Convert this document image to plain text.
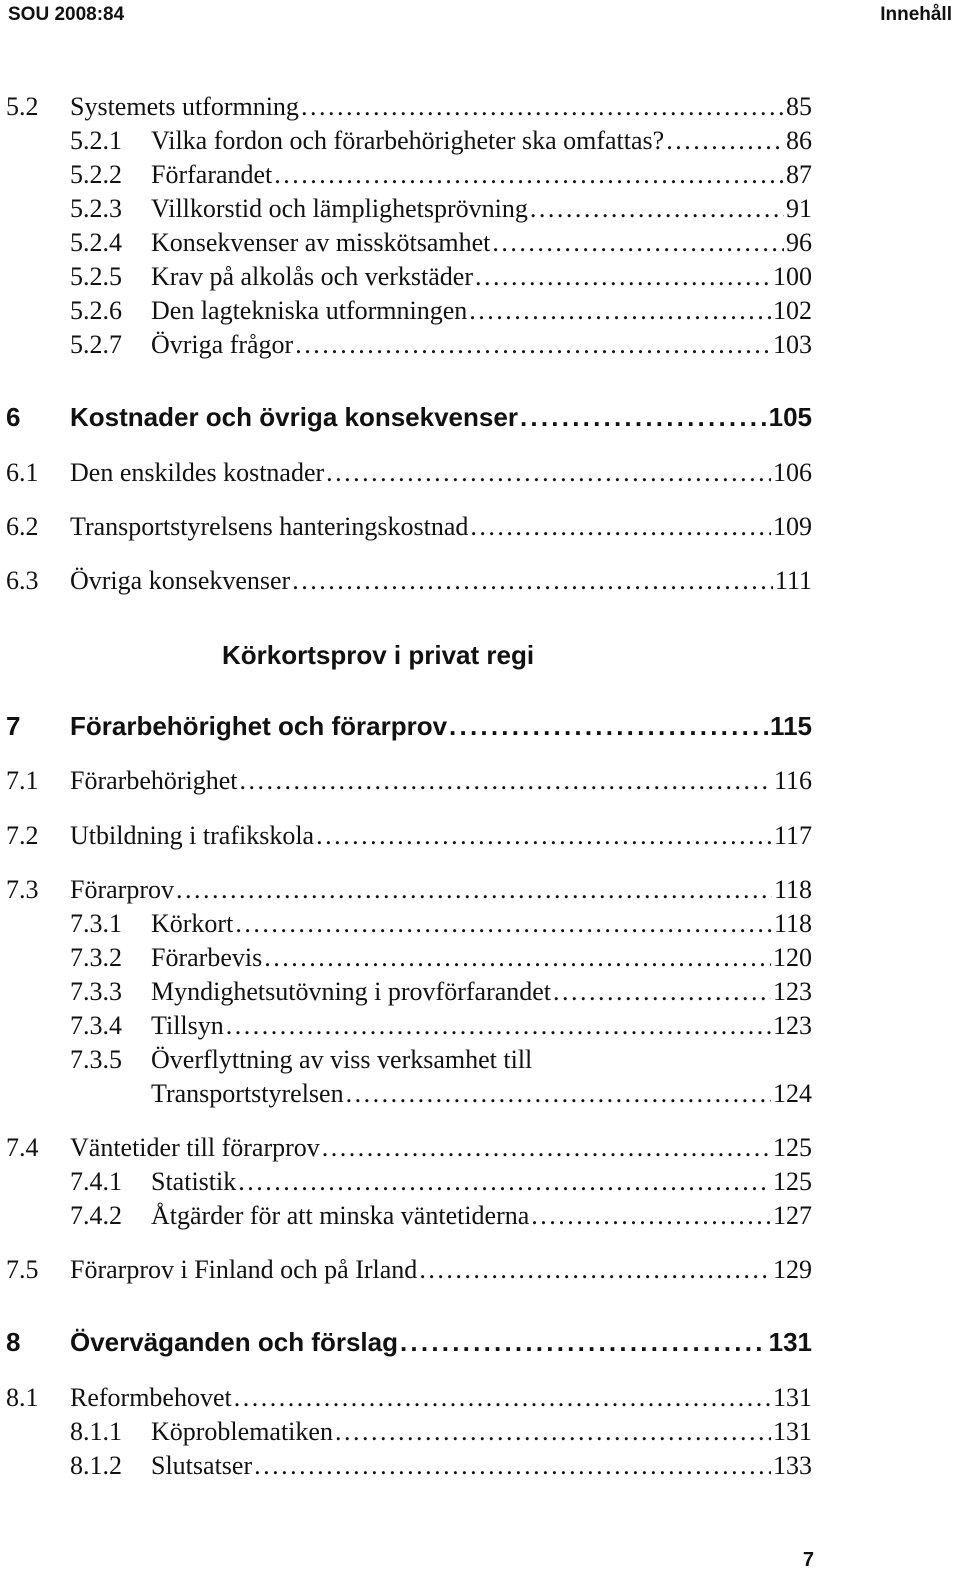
SOU 2008:84	Innehåll
5.2 Systemets utformning . . .	85
5.2.1 Vilka fordon och förarbehörigheter ska omfattas? . . .	86
5.2.2 Förfarandet . . .	87
5.2.3 Villkorstid och lämplighetsprövning . . .	91
5.2.4 Konsekvenser av misskötsamhet . . .	96
5.2.5 Krav på alkolås och verkstäder . . .	100
5.2.6 Den lagtekniska utformningen . . .	102
5.2.7 Övriga frågor . . .	103
6 Kostnader och övriga konsekvenser . . .	105
6.1 Den enskildes kostnader . . .	106
6.2 Transportstyrelsens hanteringskostnad . . .	109
6.3 Övriga konsekvenser . . .	111
Körkortsprov i privat regi
7 Förarbehörighet och förarprov . . .	115
7.1 Förarbehörighet . . .	116
7.2 Utbildning i trafikskola . . .	117
7.3 Förarprov . . .	118
7.3.1 Körkort . . .	118
7.3.2 Förarbevis . . .	120
7.3.3 Myndighetsutövning i provförfarandet . . .	123
7.3.4 Tillsyn . . .	123
7.3.5 Överflyttning av viss verksamhet till
Transportstyrelsen . . .	124
7.4 Väntetider till förarprov . . .	125
7.4.1 Statistik . . .	125
7.4.2 Åtgärder för att minska väntetiderna . . .	127
7.5 Förarprov i Finland och på Irland . . .	129
8 Överväganden och förslag . . .	131
8.1 Reformbehovet . . .	131
8.1.1 Köproblematiken . . .	131
8.1.2 Slutsatser . . .	133
7
